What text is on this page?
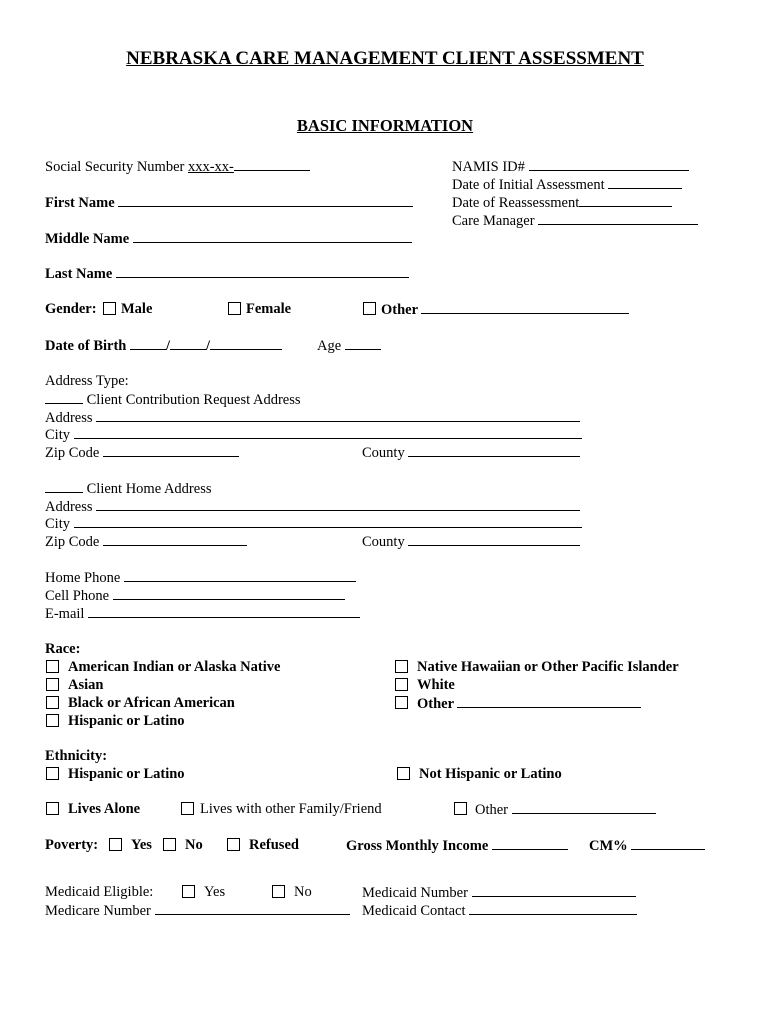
NEBRASKA CARE MANAGEMENT CLIENT ASSESSMENT
BASIC INFORMATION
Social Security Number xxx-xx-
First Name
Middle Name
Last Name
NAMIS ID#
Date of Initial Assessment
Date of Reassessment
Care Manager
Gender: Male	Female	Other
Date of Birth	/ /	Age
Address Type:
Client Contribution Request Address
Address
City
Zip Code	County
Client Home Address
Address
City
Zip Code	County
Home Phone
Cell Phone
E-mail
Race:
American Indian or Alaska Native
Asian
Black or African American
Hispanic or Latino
Native Hawaiian or Other Pacific Islander
White
Other
Ethnicity:
Hispanic or Latino	Not Hispanic or Latino
Lives Alone	Lives with other Family/Friend	Other
Poverty: Yes No	Refused	Gross Monthly Income	CM%
Medicaid Eligible:	Yes	No
Medicare Number
Medicaid Number
Medicaid Contact
